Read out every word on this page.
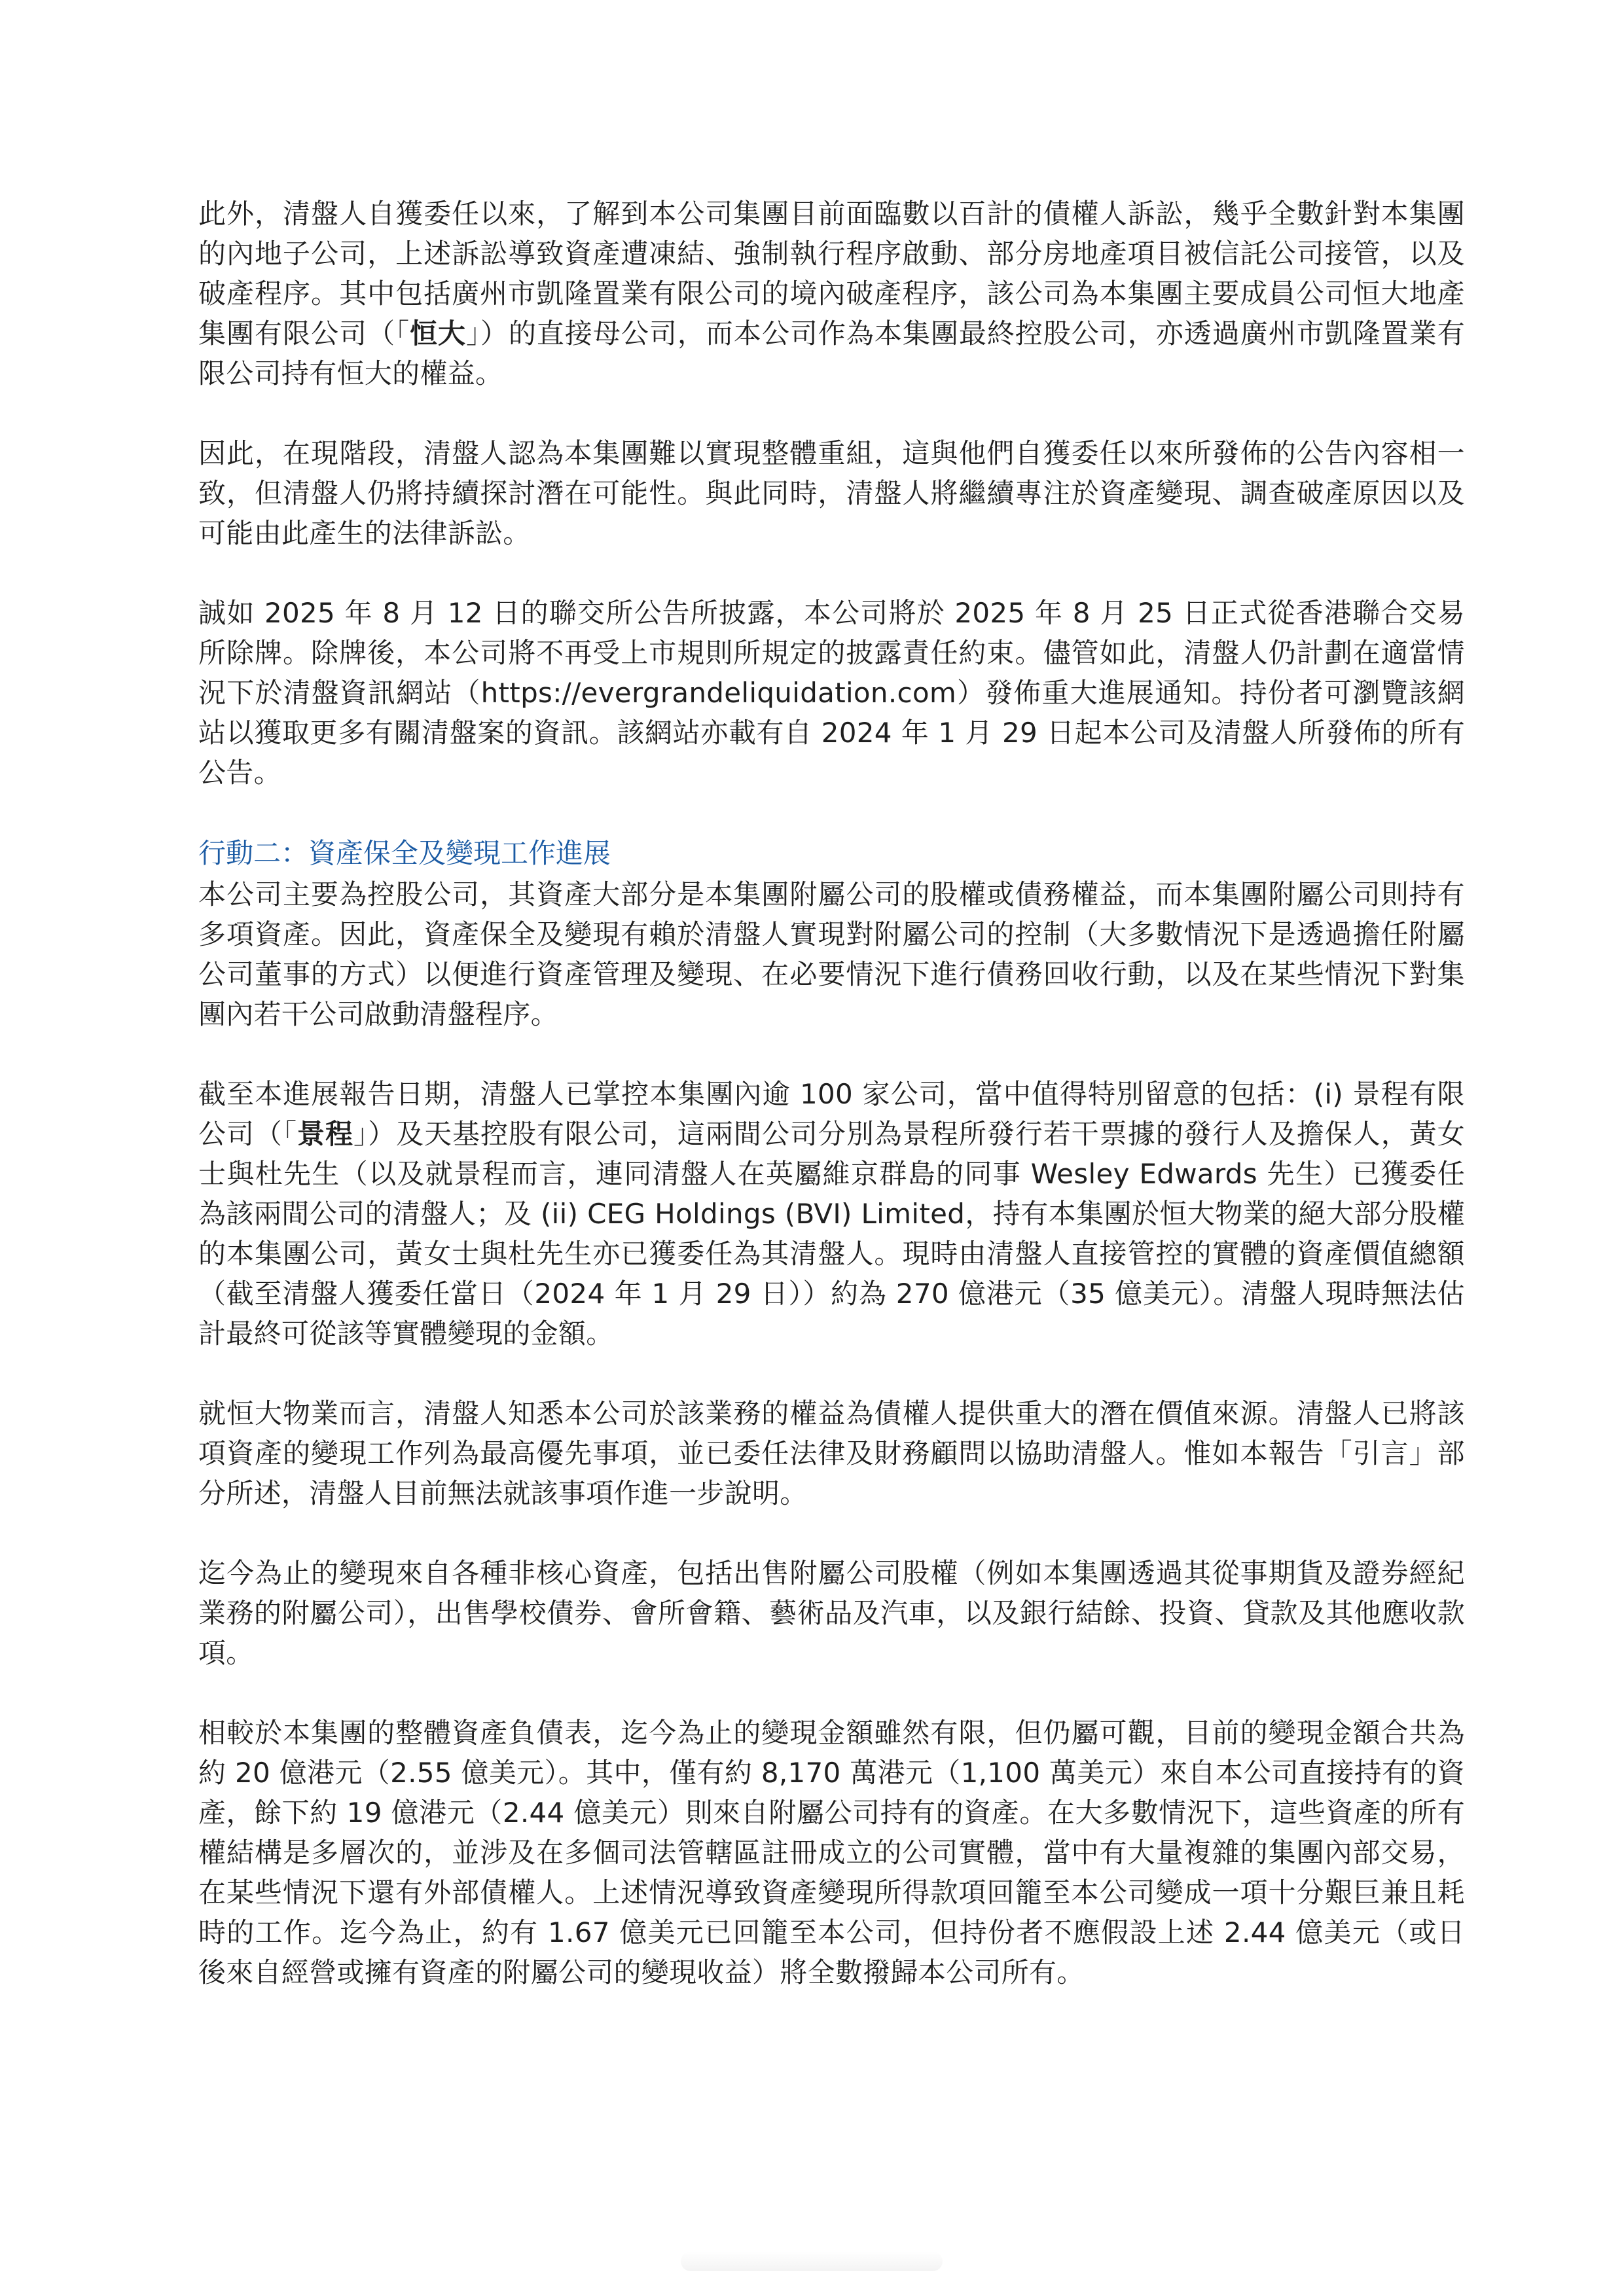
此外，清盤人自獲委任以來，了解到本公司集團目前面臨數以百計的債權人訴訟，幾乎全數針對本集團的內地子公司，上述訴訟導致資產遭凍結、強制執行程序啟動、部分房地產項目被信託公司接管，以及破產程序。其中包括廣州市凱隆置業有限公司的境內破產程序，該公司為本集團主要成員公司恒大地產集團有限公司（「恒大」）的直接母公司，而本公司作為本集團最終控股公司，亦透過廣州市凱隆置業有限公司持有恒大的權益。

因此，在現階段，清盤人認為本集團難以實現整體重組，這與他們自獲委任以來所發佈的公告內容相一致，但清盤人仍將持續探討潛在可能性。與此同時，清盤人將繼續專注於資產變現、調查破產原因以及可能由此產生的法律訴訟。

誠如 2025 年 8 月 12 日的聯交所公告所披露，本公司將於 2025 年 8 月 25 日正式從香港聯合交易所除牌。除牌後，本公司將不再受上市規則所規定的披露責任約束。儘管如此，清盤人仍計劃在適當情況下於清盤資訊網站（https://evergrandeliquidation.com）發佈重大進展通知。持份者可瀏覽該網站以獲取更多有關清盤案的資訊。該網站亦載有自 2024 年 1 月 29 日起本公司及清盤人所發佈的所有公告。

行動二：資產保全及變現工作進展

本公司主要為控股公司，其資產大部分是本集團附屬公司的股權或債務權益，而本集團附屬公司則持有多項資產。因此，資產保全及變現有賴於清盤人實現對附屬公司的控制（大多數情況下是透過擔任附屬公司董事的方式）以便進行資產管理及變現、在必要情況下進行債務回收行動，以及在某些情況下對集團內若干公司啟動清盤程序。

截至本進展報告日期，清盤人已掌控本集團內逾 100 家公司，當中值得特別留意的包括：(i) 景程有限公司（「景程」）及天基控股有限公司，這兩間公司分別為景程所發行若干票據的發行人及擔保人，黃女士與杜先生（以及就景程而言，連同清盤人在英屬維京群島的同事 Wesley Edwards 先生）已獲委任為該兩間公司的清盤人；及 (ii) CEG Holdings (BVI) Limited，持有本集團於恒大物業的絕大部分股權的本集團公司，黃女士與杜先生亦已獲委任為其清盤人。現時由清盤人直接管控的實體的資產價值總額（截至清盤人獲委任當日（2024 年 1 月 29 日））約為 270 億港元（35 億美元）。清盤人現時無法估計最終可從該等實體變現的金額。

就恒大物業而言，清盤人知悉本公司於該業務的權益為債權人提供重大的潛在價值來源。清盤人已將該項資產的變現工作列為最高優先事項，並已委任法律及財務顧問以協助清盤人。惟如本報告「引言」部分所述，清盤人目前無法就該事項作進一步說明。

迄今為止的變現來自各種非核心資產，包括出售附屬公司股權（例如本集團透過其從事期貨及證券經紀業務的附屬公司），出售學校債券、會所會籍、藝術品及汽車，以及銀行結餘、投資、貸款及其他應收款項。

相較於本集團的整體資產負債表，迄今為止的變現金額雖然有限，但仍屬可觀，目前的變現金額合共為約 20 億港元（2.55 億美元）。其中，僅有約 8,170 萬港元（1,100 萬美元）來自本公司直接持有的資產，餘下約 19 億港元（2.44 億美元）則來自附屬公司持有的資產。在大多數情況下，這些資產的所有權結構是多層次的，並涉及在多個司法管轄區註冊成立的公司實體，當中有大量複雜的集團內部交易，在某些情況下還有外部債權人。上述情況導致資產變現所得款項回籠至本公司變成一項十分艱巨兼且耗時的工作。迄今為止，約有 1.67 億美元已回籠至本公司，但持份者不應假設上述 2.44 億美元（或日後來自經營或擁有資產的附屬公司的變現收益）將全數撥歸本公司所有。
